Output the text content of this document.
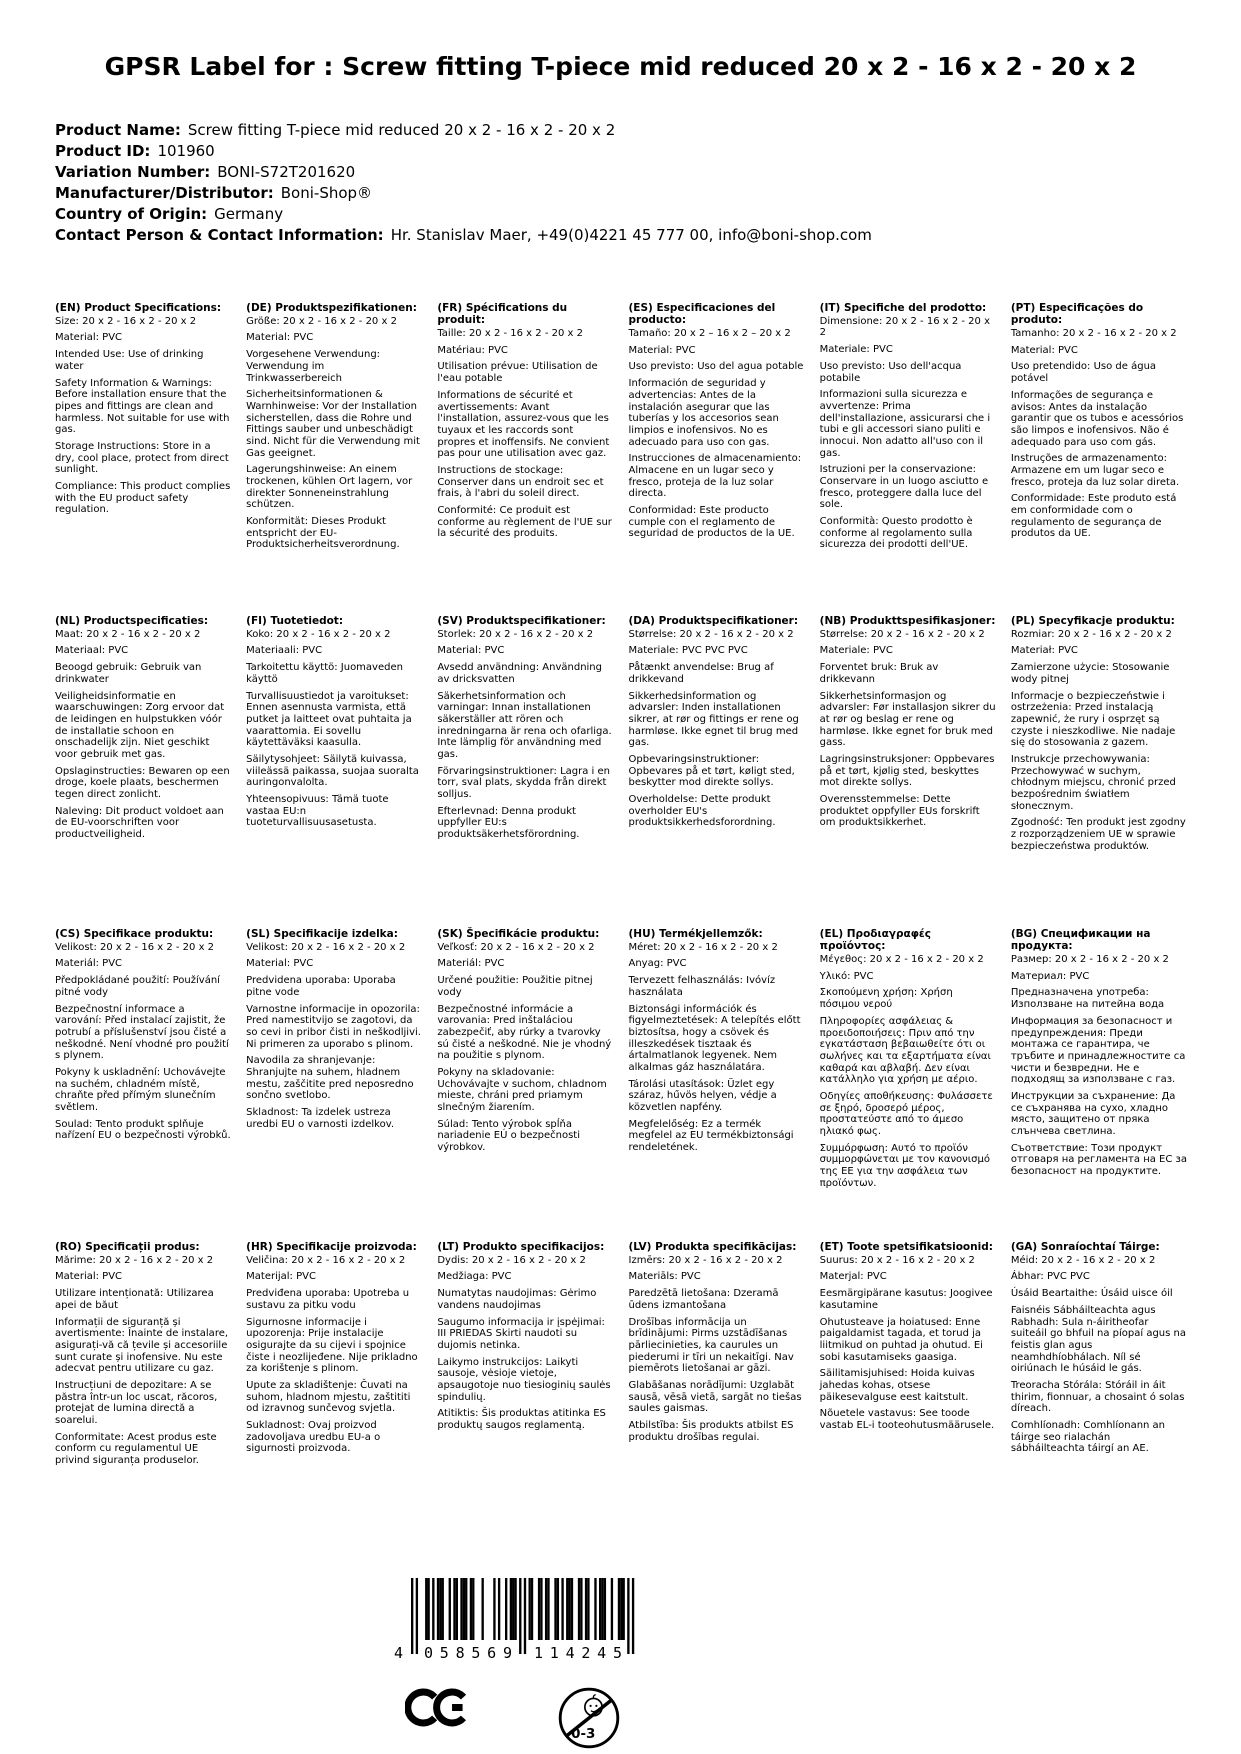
GPSR Label for : Screw fitting T-piece mid reduced 20 x 2 - 16 x 2 - 20 x 2
Product Name: Screw fitting T-piece mid reduced 20 x 2 - 16 x 2 - 20 x 2
Product ID: 101960
Variation Number: BONI-S72T201620
Manufacturer/Distributor: Boni-Shop®
Country of Origin: Germany
Contact Person & Contact Information: Hr. Stanislav Maer, +49(0)4221 45 777 00, info@boni-shop.com
(EN) Product Specifications:

Size: 20 x 2 - 16 x 2 - 20 x 2

Material: PVC

Intended Use: Use of drinking water

Safety Information & Warnings: Before installation ensure that the pipes and fittings are clean and harmless. Not suitable for use with gas.

Storage Instructions: Store in a dry, cool place, protect from direct sunlight.

Compliance: This product complies with the EU product safety regulation.

(DE) Produktspezifikationen:

Größe: 20 x 2 - 16 x 2 - 20 x 2

Material: PVC

Vorgesehene Verwendung: Verwendung im Trinkwasserbereich

Sicherheitsinformationen & Warnhinweise: Vor der Installation sicherstellen, dass die Rohre und Fittings sauber und unbeschädigt sind. Nicht für die Verwendung mit Gas geeignet.

Lagerungshinweise: An einem trockenen, kühlen Ort lagern, vor direkter Sonneneinstrahlung schützen.

Konformität: Dieses Produkt entspricht der EU-Produktsicherheitsverordnung.

(FR) Spécifications du produit:

Taille: 20 x 2 - 16 x 2 - 20 x 2

Matériau: PVC

Utilisation prévue: Utilisation de l'eau potable

Informations de sécurité et avertissements: Avant l'installation, assurez-vous que les tuyaux et les raccords sont propres et inoffensifs. Ne convient pas pour une utilisation avec gaz.

Instructions de stockage: Conserver dans un endroit sec et frais, à l'abri du soleil direct.

Conformité: Ce produit est conforme au règlement de l'UE sur la sécurité des produits.

(ES) Especificaciones del producto:

Tamaño: 20 x 2 – 16 x 2 – 20 x 2

Material: PVC

Uso previsto: Uso del agua potable

Información de seguridad y advertencias: Antes de la instalación asegurar que las tuberías y los accesorios sean limpios e inofensivos. No es adecuado para uso con gas.

Instrucciones de almacenamiento: Almacene en un lugar seco y fresco, proteja de la luz solar directa.

Conformidad: Este producto cumple con el reglamento de seguridad de productos de la UE.

(IT) Specifiche del prodotto:

Dimensione: 20 x 2 - 16 x 2 - 20 x 2

Materiale: PVC

Uso previsto: Uso dell'acqua potabile

Informazioni sulla sicurezza e avvertenze: Prima dell'installazione, assicurarsi che i tubi e gli accessori siano puliti e innocui. Non adatto all'uso con il gas.

Istruzioni per la conservazione: Conservare in un luogo asciutto e fresco, proteggere dalla luce del sole.

Conformità: Questo prodotto è conforme al regolamento sulla sicurezza dei prodotti dell'UE.

(PT) Especificações do produto:

Tamanho: 20 x 2 - 16 x 2 - 20 x 2

Material: PVC

Uso pretendido: Uso de água potável

Informações de segurança e avisos: Antes da instalação garantir que os tubos e acessórios são limpos e inofensivos. Não é adequado para uso com gás.

Instruções de armazenamento: Armazene em um lugar seco e fresco, proteja da luz solar direta.

Conformidade: Este produto está em conformidade com o regulamento de segurança de produtos da UE.

(NL) Productspecificaties:

Maat: 20 x 2 - 16 x 2 - 20 x 2

Materiaal: PVC

Beoogd gebruik: Gebruik van drinkwater

Veiligheidsinformatie en waarschuwingen: Zorg ervoor dat de leidingen en hulpstukken vóór de installatie schoon en onschadelijk zijn. Niet geschikt voor gebruik met gas.

Opslaginstructies: Bewaren op een droge, koele plaats, beschermen tegen direct zonlicht.

Naleving: Dit product voldoet aan de EU-voorschriften voor productveiligheid.

(FI) Tuotetiedot:

Koko: 20 x 2 - 16 x 2 - 20 x 2

Materiaali: PVC

Tarkoitettu käyttö: Juomaveden käyttö

Turvallisuustiedot ja varoitukset: Ennen asennusta varmista, että putket ja laitteet ovat puhtaita ja vaarattomia. Ei sovellu käytettäväksi kaasulla.

Säilytysohjeet: Säilytä kuivassa, viileässä paikassa, suojaa suoralta auringonvalolta.

Yhteensopivuus: Tämä tuote vastaa EU:n tuoteturvallisuusasetusta.

(SV) Produktspecifikationer:

Storlek: 20 x 2 - 16 x 2 - 20 x 2

Material: PVC

Avsedd användning: Användning av dricksvatten

Säkerhetsinformation och varningar: Innan installationen säkerställer att rören och inredningarna är rena och ofarliga. Inte lämplig för användning med gas.

Förvaringsinstruktioner: Lagra i en torr, sval plats, skydda från direkt solljus.

Efterlevnad: Denna produkt uppfyller EU:s produktsäkerhetsförordning.

(DA) Produktspecifikationer:

Størrelse: 20 x 2 - 16 x 2 - 20 x 2

Materiale: PVC PVC PVC

Påtænkt anvendelse: Brug af drikkevand

Sikkerhedsinformation og advarsler: Inden installationen sikrer, at rør og fittings er rene og harmløse. Ikke egnet til brug med gas.

Opbevaringsinstruktioner: Opbevares på et tørt, køligt sted, beskytter mod direkte sollys.

Overholdelse: Dette produkt overholder EU's produktsikkerhedsforordning.

(NB) Produkttspesifikasjoner:

Størrelse: 20 x 2 - 16 x 2 - 20 x 2

Materiale: PVC

Forventet bruk: Bruk av drikkevann

Sikkerhetsinformasjon og advarsler: Før installasjon sikrer du at rør og beslag er rene og harmløse. Ikke egnet for bruk med gass.

Lagringsinstruksjoner: Oppbevares på et tørt, kjølig sted, beskyttes mot direkte sollys.

Overensstemmelse: Dette produktet oppfyller EUs forskrift om produktsikkerhet.

(PL) Specyfikacje produktu:

Rozmiar: 20 x 2 - 16 x 2 - 20 x 2

Materiał: PVC

Zamierzone użycie: Stosowanie wody pitnej

Informacje o bezpieczeństwie i ostrzeżenia: Przed instalacją zapewnić, że rury i osprzęt są czyste i nieszkodliwe. Nie nadaje się do stosowania z gazem.

Instrukcje przechowywania: Przechowywać w suchym, chłodnym miejscu, chronić przed bezpośrednim światłem słonecznym.

Zgodność: Ten produkt jest zgodny z rozporządzeniem UE w sprawie bezpieczeństwa produktów.

(CS) Specifikace produktu:

Velikost: 20 x 2 - 16 x 2 - 20 x 2

Materiál: PVC

Předpokládané použití: Používání pitné vody

Bezpečnostní informace a varování: Před instalací zajistit, že potrubí a příslušenství jsou čisté a neškodné. Není vhodné pro použití s plynem.

Pokyny k uskladnění: Uchovávejte na suchém, chladném místě, chraňte před přímým slunečním světlem.

Soulad: Tento produkt splňuje nařízení EU o bezpečnosti výrobků.

(SL) Specifikacije izdelka:

Velikost: 20 x 2 - 16 x 2 - 20 x 2

Material: PVC

Predvidena uporaba: Uporaba pitne vode

Varnostne informacije in opozorila: Pred namestitvijo se zagotovi, da so cevi in pribor čisti in neškodljivi. Ni primeren za uporabo s plinom.

Navodila za shranjevanje: Shranjujte na suhem, hladnem mestu, zaščitite pred neposredno sončno svetlobo.

Skladnost: Ta izdelek ustreza uredbi EU o varnosti izdelkov.

(SK) Špecifikácie produktu:

Veľkosť: 20 x 2 - 16 x 2 - 20 x 2

Materiál: PVC

Určené použitie: Použitie pitnej vody

Bezpečnostné informácie a varovania: Pred inštaláciou zabezpečiť, aby rúrky a tvarovky sú čisté a neškodné. Nie je vhodný na použitie s plynom.

Pokyny na skladovanie: Uchovávajte v suchom, chladnom mieste, chráni pred priamym slnečným žiarením.

Súlad: Tento výrobok spĺňa nariadenie EÚ o bezpečnosti výrobkov.

(HU) Termékjellemzők:

Méret: 20 x 2 - 16 x 2 - 20 x 2

Anyag: PVC

Tervezett felhasználás: Ivóvíz használata

Biztonsági információk és figyelmeztetések: A telepítés előtt biztosítsa, hogy a csövek és illeszkedések tisztaak és ártalmatlanok legyenek. Nem alkalmas gáz használatára.

Tárolási utasítások: Üzlet egy száraz, hűvös helyen, védje a közvetlen napfény.

Megfelelőség: Ez a termék megfelel az EU termékbiztonsági rendeletének.

(EL) Προδιαγραφές προϊόντος:

Μέγεθος: 20 x 2 - 16 x 2 - 20 x 2

Υλικό: PVC

Σκοπούμενη χρήση: Χρήση πόσιμου νερού

Πληροφορίες ασφάλειας & προειδοποιήσεις: Πριν από την εγκατάσταση βεβαιωθείτε ότι οι σωλήνες και τα εξαρτήματα είναι καθαρά και αβλαβή. Δεν είναι κατάλληλο για χρήση με αέριο.

Οδηγίες αποθήκευσης: Φυλάσσετε σε ξηρό, δροσερό μέρος, προστατεύστε από το άμεσο ηλιακό φως.

Συμμόρφωση: Αυτό το προϊόν συμμορφώνεται με τον κανονισμό της ΕΕ για την ασφάλεια των προϊόντων.

(BG) Спецификации на продукта:

Размер: 20 x 2 - 16 x 2 - 20 x 2

Материал: PVC

Предназначена употреба: Използване на питейна вода

Информация за безопасност и предупреждения: Преди монтажа се гарантира, че тръбите и принадлежностите са чисти и безвредни. Не е подходящ за използване с газ.

Инструкции за съхранение: Да се съхранява на сухо, хладно място, защитено от пряка слънчева светлина.

Съответствие: Този продукт отговаря на регламента на ЕС за безопасност на продуктите.

(RO) Specificații produs:

Mărime: 20 x 2 - 16 x 2 - 20 x 2

Material: PVC

Utilizare intenționată: Utilizarea apei de băut

Informații de siguranță și avertismente: Înainte de instalare, asigurați-vă că țevile și accesoriile sunt curate și inofensive. Nu este adecvat pentru utilizare cu gaz.

Instrucțiuni de depozitare: A se păstra într-un loc uscat, răcoros, protejat de lumina directă a soarelui.

Conformitate: Acest produs este conform cu regulamentul UE privind siguranța produselor.

(HR) Specifikacije proizvoda:

Veličina: 20 x 2 - 16 x 2 - 20 x 2

Materijal: PVC

Predviđena uporaba: Upotreba u sustavu za pitku vodu

Sigurnosne informacije i upozorenja: Prije instalacije osigurajte da su cijevi i spojnice čiste i neozlijeđene. Nije prikladno za korištenje s plinom.

Upute za skladištenje: Čuvati na suhom, hladnom mjestu, zaštititi od izravnog sunčevog svjetla.

Sukladnost: Ovaj proizvod zadovoljava uredbu EU-a o sigurnosti proizvoda.

(LT) Produkto specifikacijos:

Dydis: 20 x 2 - 16 x 2 - 20 x 2

Medžiaga: PVC

Numatytas naudojimas: Gėrimo vandens naudojimas

Saugumo informacija ir įspėjimai: III PRIEDAS Skirti naudoti su dujomis netinka.

Laikymo instrukcijos: Laikyti sausoje, vėsioje vietoje, apsaugotoje nuo tiesioginių saulės spindulių.

Atitiktis: Šis produktas atitinka ES produktų saugos reglamentą.

(LV) Produkta specifikācijas:

Izmērs: 20 x 2 - 16 x 2 - 20 x 2

Materiāls: PVC

Paredzētā lietošana: Dzeramā ūdens izmantošana

Drošības informācija un brīdinājumi: Pirms uzstādīšanas pārliecinieties, ka caurules un piederumi ir tīri un nekaitīgi. Nav piemērots lietošanai ar gāzi.

Glabāšanas norādījumi: Uzglabāt sausā, vēsā vietā, sargāt no tiešas saules gaismas.

Atbilstība: Šis produkts atbilst ES produktu drošības regulai.

(ET) Toote spetsifikatsioonid:

Suurus: 20 x 2 - 16 x 2 - 20 x 2

Materjal: PVC

Eesmärgipärane kasutus: Joogivee kasutamine

Ohutusteave ja hoiatused: Enne paigaldamist tagada, et torud ja liitmikud on puhtad ja ohutud. Ei sobi kasutamiseks gaasiga.

Säilitamisjuhised: Hoida kuivas jahedas kohas, otsese päikesevalguse eest kaitstult.

Nõuetele vastavus: See toode vastab EL-i tooteohutusmäärusele.

(GA) Sonraíochtaí Táirge:

Méid: 20 x 2 - 16 x 2 - 20 x 2

Ábhar: PVC PVC

Úsáid Beartaithe: Úsáid uisce óil

Faisnéis Sábháilteachta agus Rabhadh: Sula n-áiritheofar suiteáil go bhfuil na píopaí agus na feistis glan agus neamhdhíobhálach. Níl sé oiriúnach le húsáid le gás.

Treoracha Stórála: Stóráil in áit thirim, fionnuar, a chosaint ó solas díreach.

Comhlíonadh: Comhlíonann an táirge seo rialachán sábháilteachta táirgí an AE.

4 058569 114245
0-3
